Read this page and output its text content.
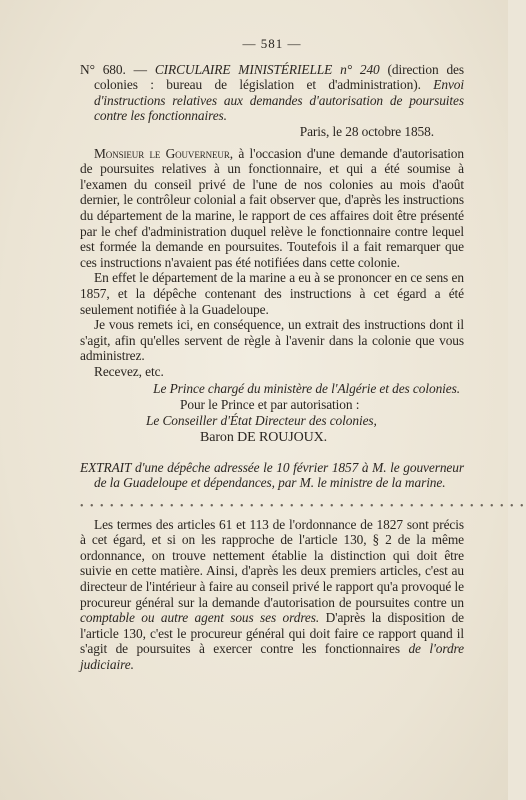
— 581 —

N° 680. — CIRCULAIRE MINISTÉRIELLE n° 240 (direction des colonies : bureau de législation et d'administration). Envoi d'instructions relatives aux demandes d'autorisation de poursuites contre les fonctionnaires.

Paris, le 28 octobre 1858.

Monsieur le Gouverneur, à l'occasion d'une demande d'autorisation de poursuites relatives à un fonctionnaire, et qui a été soumise à l'examen du conseil privé de l'une de nos colonies au mois d'août dernier, le contrôleur colonial a fait observer que, d'après les instructions du département de la marine, le rapport de ces affaires doit être présenté par le chef d'administration duquel relève le fonctionnaire contre lequel est formée la demande en poursuites. Toutefois il a fait remarquer que ces instructions n'avaient pas été notifiées dans cette colonie.

En effet le département de la marine a eu à se prononcer en ce sens en 1857, et la dépêche contenant des instructions à cet égard a été seulement notifiée à la Guadeloupe.

Je vous remets ici, en conséquence, un extrait des instructions dont il s'agit, afin qu'elles servent de règle à l'avenir dans la colonie que vous administrez.

Recevez, etc.

Le Prince chargé du ministère de l'Algérie et des colonies.
Pour le Prince et par autorisation :
Le Conseiller d'État Directeur des colonies,
Baron DE ROUJOUX.

EXTRAIT d'une dépêche adressée le 10 février 1857 à M. le gouverneur de la Guadeloupe et dépendances, par M. le ministre de la marine.

• • • • • • • • • • • • • • • • • • • • • • • • • • • • • • • • • • • • • • • • • • • • •

Les termes des articles 61 et 113 de l'ordonnance de 1827 sont précis à cet égard, et si on les rapproche de l'article 130, § 2 de la même ordonnance, on trouve nettement établie la distinction qui doit être suivie en cette matière. Ainsi, d'après les deux premiers articles, c'est au directeur de l'intérieur à faire au conseil privé le rapport qu'a provoqué le procureur général sur la demande d'autorisation de poursuites contre un comptable ou autre agent sous ses ordres. D'après la disposition de l'article 130, c'est le procureur général qui doit faire ce rapport quand il s'agit de poursuites à exercer contre les fonctionnaires de l'ordre judiciaire.
